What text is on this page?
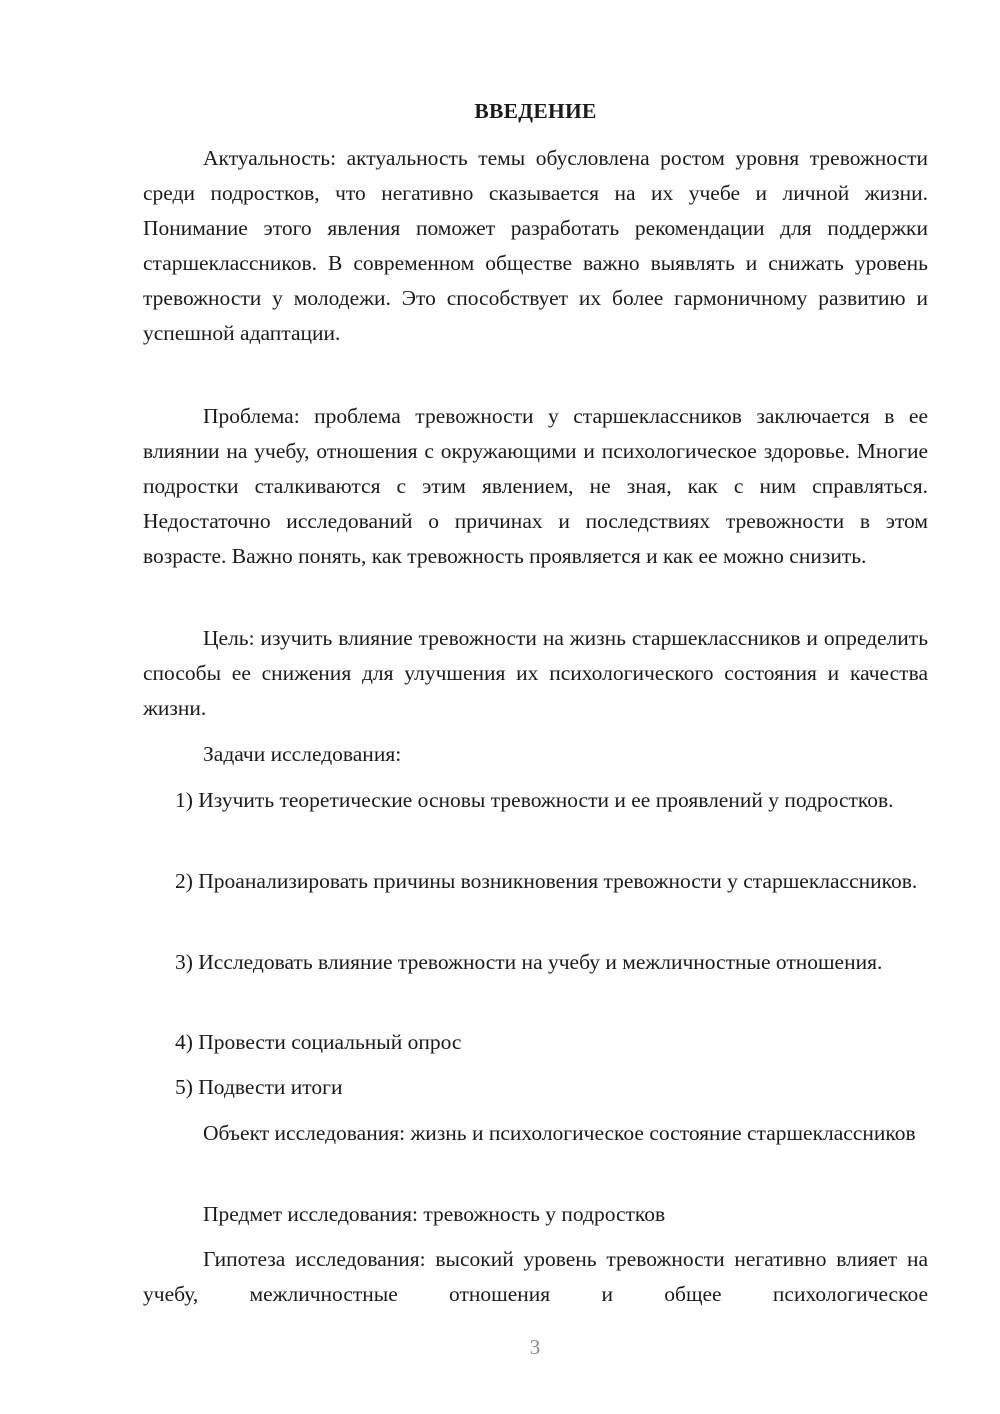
ВВЕДЕНИЕ

Актуальность: актуальность темы обусловлена ростом уровня тревожности среди подростков, что негативно сказывается на их учебе и личной жизни. Понимание этого явления поможет разработать рекомендации для поддержки старшеклассников. В современном обществе важно выявлять и снижать уровень тревожности у молодежи. Это способствует их более гармоничному развитию и успешной адаптации.

Проблема: проблема тревожности у старшеклассников заключается в ее влиянии на учебу, отношения с окружающими и психологическое здоровье. Многие подростки сталкиваются с этим явлением, не зная, как с ним справляться. Недостаточно исследований о причинах и последствиях тревожности в этом возрасте. Важно понять, как тревожность проявляется и как ее можно снизить.

Цель: изучить влияние тревожности на жизнь старшеклассников и определить способы ее снижения для улучшения их психологического состояния и качества жизни.

Задачи исследования:

1) Изучить теоретические основы тревожности и ее проявлений у подростков.

2) Проанализировать причины возникновения тревожности у старшеклассников.

3) Исследовать влияние тревожности на учебу и межличностные отношения.

4) Провести социальный опрос

5) Подвести итоги

Объект исследования: жизнь и психологическое состояние старшеклассников

Предмет исследования: тревожность у подростков

Гипотеза исследования: высокий уровень тревожности негативно влияет на учебу, межличностные отношения и общее психологическое

3
